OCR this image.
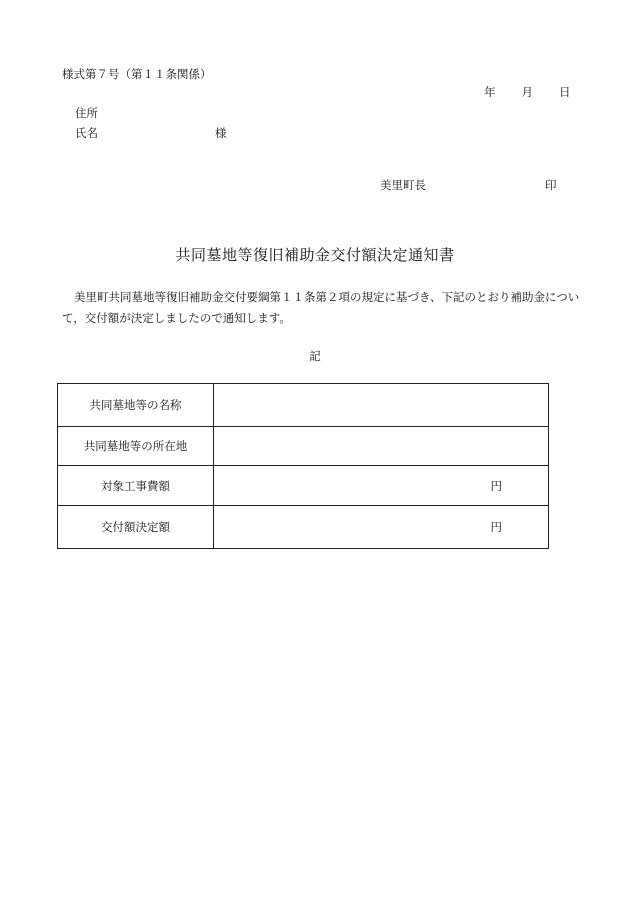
様式第７号（第１１条関係）
年 月 日
住所
氏名	様
美里町長	印
共同墓地等復旧補助金交付額決定通知書
美里町共同墓地等復旧補助金交付要綱第１１条第２項の規定に基づき、下記のとおり補助金について，交付額が決定しましたので通知します。
記
共同墓地等の名称	

共同墓地等の所在地	

対象工事費額	円

交付額決定額	円
